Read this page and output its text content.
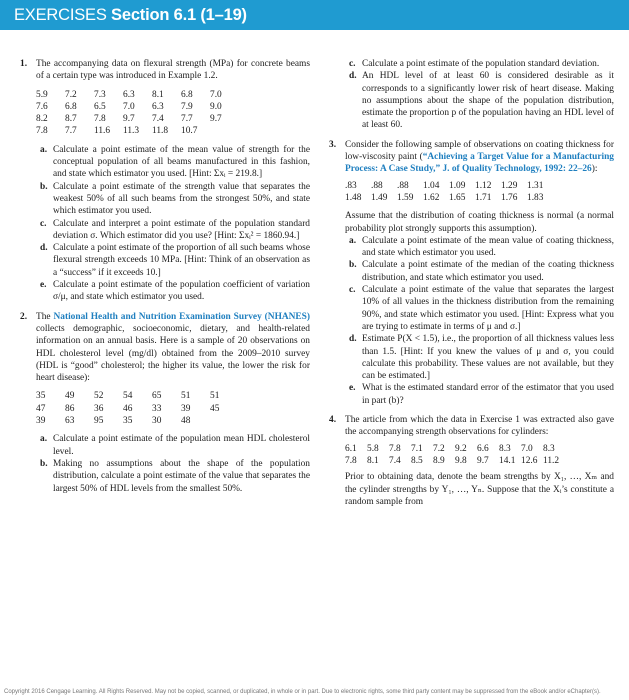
EXERCISES Section 6.1 (1–19)
1. The accompanying data on flexural strength (MPa) for concrete beams of a certain type was introduced in Example 1.2.

5.9	7.2	7.3	6.3	8.1	6.8	7.0
7.6	6.8	6.5	7.0	6.3	7.9	9.0
8.2	8.7	7.8	9.7	7.4	7.7	9.7
7.8	7.7	11.6	11.3	11.8	10.7
a. Calculate a point estimate of the mean value of strength for the conceptual population of all beams manufactured in this fashion, and state which estimator you used. [Hint: Σxᵢ = 219.8.]
b. Calculate a point estimate of the strength value that separates the weakest 50% of all such beams from the strongest 50%, and state which estimator you used.
c. Calculate and interpret a point estimate of the population standard deviation σ. Which estimator did you use? [Hint: Σxᵢ² = 1860.94.]
d. Calculate a point estimate of the proportion of all such beams whose flexural strength exceeds 10 MPa. [Hint: Think of an observation as a “success” if it exceeds 10.]
e. Calculate a point estimate of the population coefficient of variation σ/μ, and state which estimator you used.
2. The National Health and Nutrition Examination Survey (NHANES) collects demographic, socioeconomic, dietary, and health-related information on an annual basis. Here is a sample of 20 observations on HDL cholesterol level (mg/dl) obtained from the 2009–2010 survey (HDL is “good” cholesterol; the higher its value, the lower the risk for heart disease):

35	49	52	54	65	51	51
47	86	36	46	33	39	45
39	63	95	35	30	48
a. Calculate a point estimate of the population mean HDL cholesterol level.
b. Making no assumptions about the shape of the population distribution, calculate a point estimate of the value that separates the largest 50% of HDL levels from the smallest 50%.
c. Calculate a point estimate of the population standard deviation.
d. An HDL level of at least 60 is considered desirable as it corresponds to a significantly lower risk of heart disease. Making no assumptions about the shape of the population distribution, estimate the proportion p of the population having an HDL level of at least 60.
3. Consider the following sample of observations on coating thickness for low-viscosity paint (“Achieving a Target Value for a Manufacturing Process: A Case Study,” J. of Quality Technology, 1992: 22–26):

.83	.88	.88	1.04	1.09	1.12	1.29	1.31
1.48	1.49	1.59	1.62	1.65	1.71	1.76	1.83

Assume that the distribution of coating thickness is normal (a normal probability plot strongly supports this assumption).

a. Calculate a point estimate of the mean value of coating thickness, and state which estimator you used.
b. Calculate a point estimate of the median of the coating thickness distribution, and state which estimator you used.
c. Calculate a point estimate of the value that separates the largest 10% of all values in the thickness distribution from the remaining 90%, and state which estimator you used. [Hint: Express what you are trying to estimate in terms of μ and σ.]
d. Estimate P(X < 1.5), i.e., the proportion of all thickness values less than 1.5. [Hint: If you knew the values of μ and σ, you could calculate this probability. These values are not available, but they can be estimated.]
e. What is the estimated standard error of the estimator that you used in part (b)?
4. The article from which the data in Exercise 1 was extracted also gave the accompanying strength observations for cylinders:

6.1	5.8	7.8	7.1	7.2	9.2	6.6	8.3	7.0	8.3
7.8	8.1	7.4	8.5	8.9	9.8	9.7	14.1 12.6 11.2

Prior to obtaining data, denote the beam strengths by X₁, …, Xₘ and the cylinder strengths by Y₁, …, Yₙ. Suppose that the Xᵢ’s constitute a random sample from

Copyright 2016 Cengage Learning. All Rights Reserved. May not be copied, scanned, or duplicated, in whole or in part. Due to electronic rights, some third party content may be suppressed from the eBook and/or eChapter(s).
